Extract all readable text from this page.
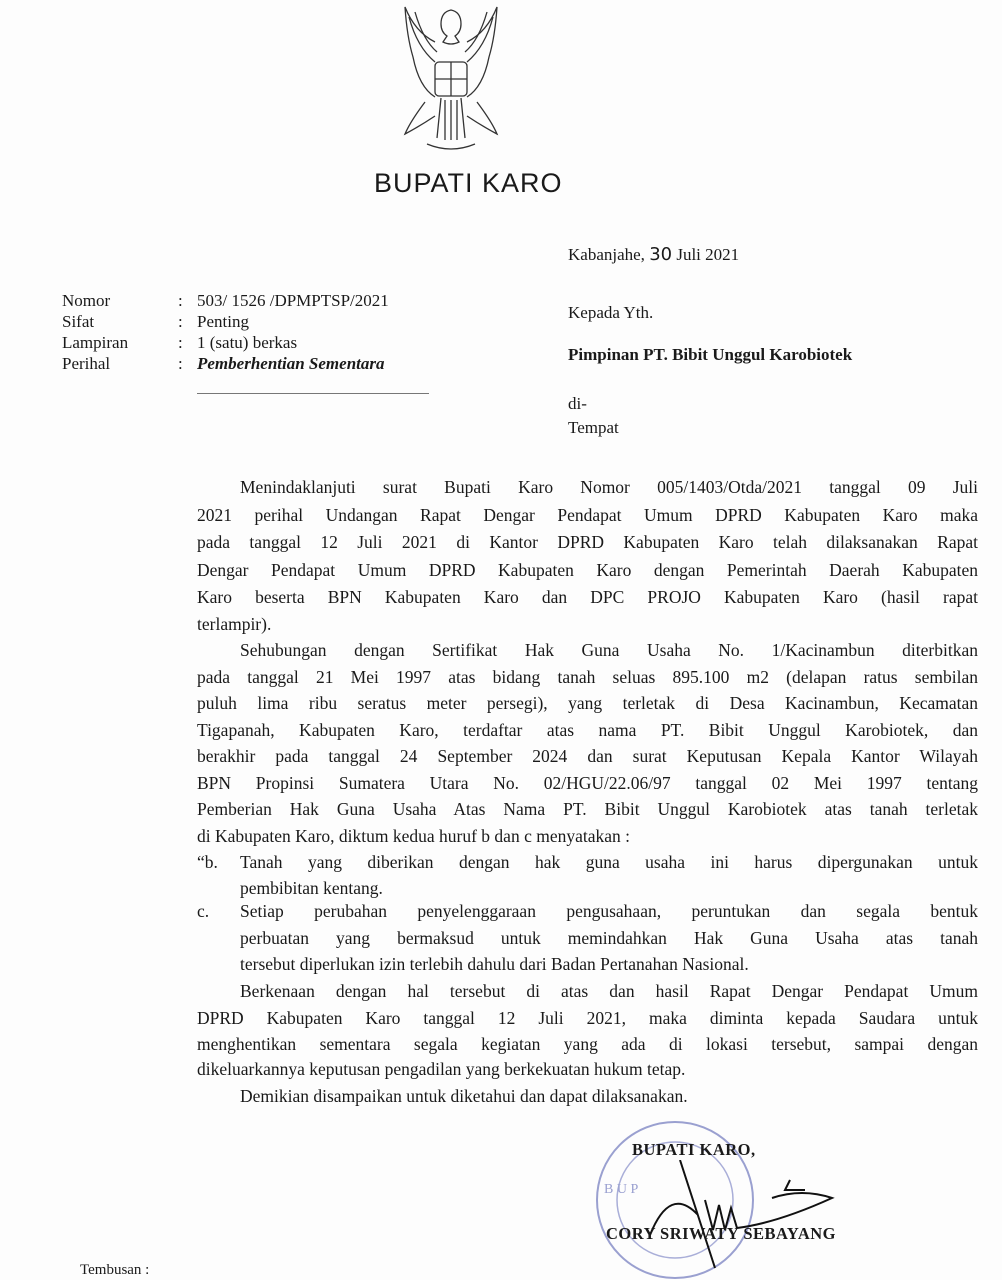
BUPATI KARO
Kabanjahe, 30 Juli 2021
Nomor	: 503/ 1526 /DPMPTSP/2021
Sifat	: Penting
Lampiran	: 1 (satu) berkas
Perihal	: Pemberhentian Sementara
Kepada Yth.
Pimpinan PT. Bibit Unggul Karobiotek
di-
Tempat
Menindaklanjuti surat Bupati Karo Nomor 005/1403/Otda/2021 tanggal 09 Juli
2021 perihal Undangan Rapat Dengar Pendapat Umum DPRD Kabupaten Karo maka
pada tanggal 12 Juli 2021 di Kantor DPRD Kabupaten Karo telah dilaksanakan Rapat
Dengar Pendapat Umum DPRD Kabupaten Karo dengan Pemerintah Daerah Kabupaten
Karo beserta BPN Kabupaten Karo dan DPC PROJO Kabupaten Karo (hasil rapat
terlampir).
Sehubungan dengan Sertifikat Hak Guna Usaha No. 1/Kacinambun diterbitkan
pada tanggal 21 Mei 1997 atas bidang tanah seluas 895.100 m2 (delapan ratus sembilan
puluh lima ribu seratus meter persegi), yang terletak di Desa Kacinambun, Kecamatan
Tigapanah, Kabupaten Karo, terdaftar atas nama PT. Bibit Unggul Karobiotek, dan
berakhir pada tanggal 24 September 2024 dan surat Keputusan Kepala Kantor Wilayah
BPN Propinsi Sumatera Utara No. 02/HGU/22.06/97 tanggal 02 Mei 1997 tentang
Pemberian Hak Guna Usaha Atas Nama PT. Bibit Unggul Karobiotek atas tanah terletak
di Kabupaten Karo, diktum kedua huruf b dan c menyatakan :
Tanah yang diberikan dengan hak guna usaha ini harus dipergunakan untuk
pembibitan kentang.
“b.
Setiap perubahan penyelenggaraan pengusahaan, peruntukan dan segala bentuk
perbuatan yang bermaksud untuk memindahkan Hak Guna Usaha atas tanah
tersebut diperlukan izin terlebih dahulu dari Badan Pertanahan Nasional.
c.
Berkenaan dengan hal tersebut di atas dan hasil Rapat Dengar Pendapat Umum
DPRD Kabupaten Karo tanggal 12 Juli 2021, maka diminta kepada Saudara untuk
menghentikan sementara segala kegiatan yang ada di lokasi tersebut, sampai dengan
dikeluarkannya keputusan pengadilan yang berkekuatan hukum tetap.
Demikian disampaikan untuk diketahui dan dapat dilaksanakan.
B U P
BUPATI KARO,
CORY SRIWATY SEBAYANG
Tembusan :
